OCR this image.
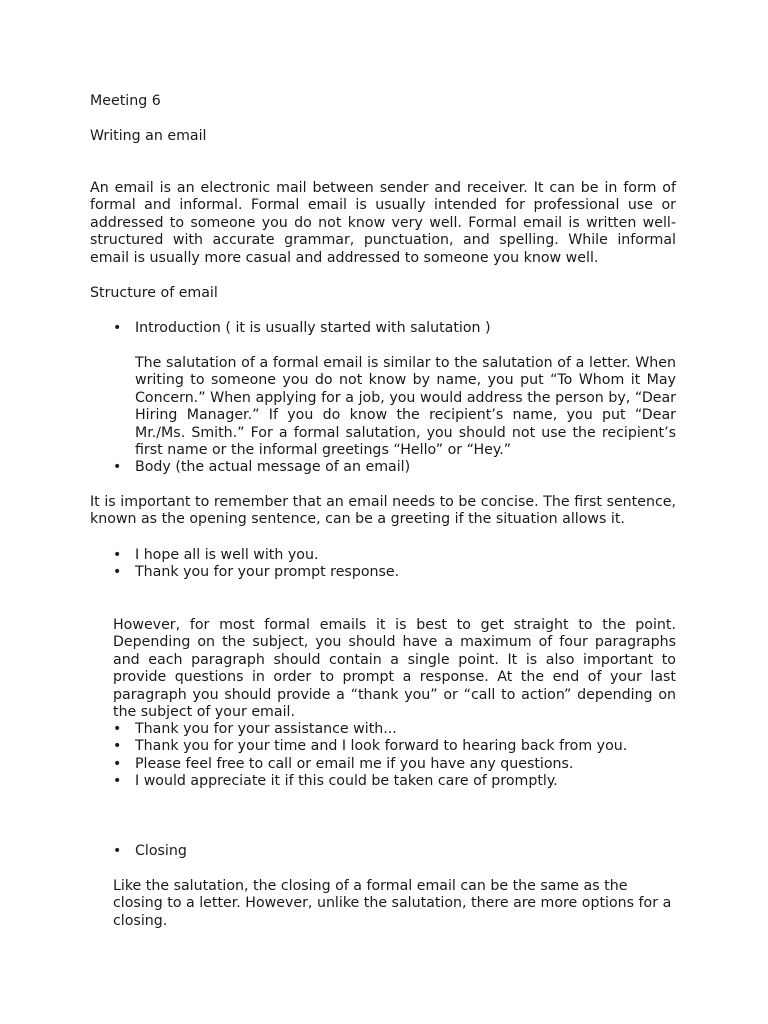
Meeting 6

Writing an email

An email is an electronic mail between sender and receiver. It can be in form of formal and informal. Formal email is usually intended for professional use or addressed to someone you do not know very well. Formal email is written well-structured with accurate grammar, punctuation, and spelling. While informal email is usually more casual and addressed to someone you know well.

Structure of email

• Introduction ( it is usually started with salutation )

The salutation of a formal email is similar to the salutation of a letter. When writing to someone you do not know by name, you put “To Whom it May Concern.” When applying for a job, you would address the person by, “Dear Hiring Manager.” If you do know the recipient’s name, you put “Dear Mr./Ms. Smith.” For a formal salutation, you should not use the recipient’s first name or the informal greetings “Hello” or “Hey.”

• Body (the actual message of an email)

It is important to remember that an email needs to be concise. The first sentence, known as the opening sentence, can be a greeting if the situation allows it.

• I hope all is well with you.
• Thank you for your prompt response.

However, for most formal emails it is best to get straight to the point. Depending on the subject, you should have a maximum of four paragraphs and each paragraph should contain a single point. It is also important to provide questions in order to prompt a response. At the end of your last paragraph you should provide a “thank you” or “call to action” depending on the subject of your email.

• Thank you for your assistance with...
• Thank you for your time and I look forward to hearing back from you.
• Please feel free to call or email me if you have any questions.
• I would appreciate it if this could be taken care of promptly.
• Closing

Like the salutation, the closing of a formal email can be the same as the closing to a letter. However, unlike the salutation, there are more options for a closing.
